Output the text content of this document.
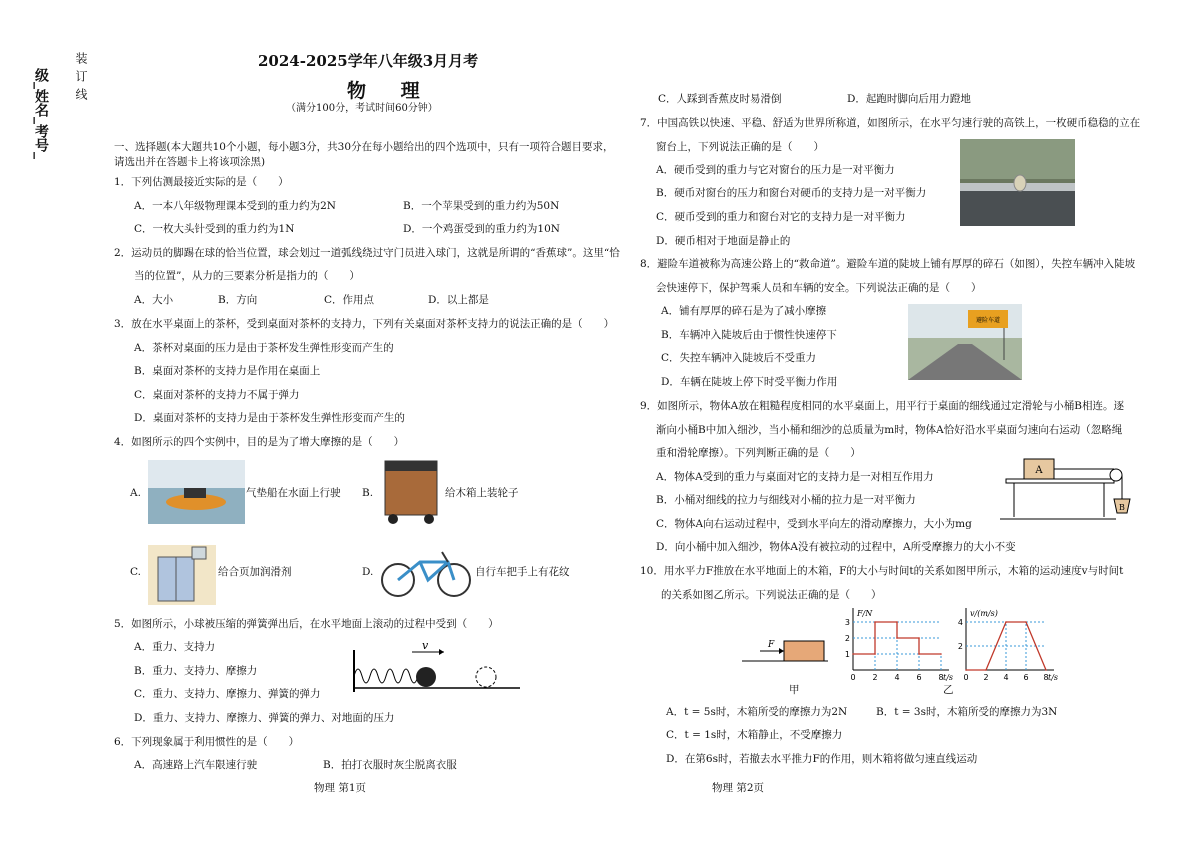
装订线
级_姓名_考号_
2024-2025学年八年级3月月考
物 理
（满分100分，考试时间60分钟）
一、选择题(本大题共10个小题，每小题3分，共30分在每小题给出的四个选项中，只有一项符合题目要求，
请选出并在答题卡上将该项涂黑)
1．下列估测最接近实际的是（　　）
A．一本八年级物理课本受到的重力约为2N	B．一个苹果受到的重力约为50N
C．一枚大头针受到的重力约为1N	D．一个鸡蛋受到的重力约为10N
2．运动员的脚踢在球的恰当位置，球会划过一道弧线绕过守门员进入球门，这就是所谓的“香蕉球”。这里“恰
当的位置”，从力的三要素分析是指力的（　　）
A．大小	B．方向	C．作用点	D．以上都是
3．放在水平桌面上的茶杯，受到桌面对茶杯的支持力，下列有关桌面对茶杯支持力的说法正确的是（　　）
A．茶杯对桌面的压力是由于茶杯发生弹性形变而产生的
B．桌面对茶杯的支持力是作用在桌面上
C．桌面对茶杯的支持力不属于弹力
D．桌面对茶杯的支持力是由于茶杯发生弹性形变而产生的
4．如图所示的四个实例中，目的是为了增大摩擦的是（　　）
A.	气垫船在水面上行驶 B.	给木箱上装轮子
C.	给合页加润滑剂	D.	自行车把手上有花纹
5．如图所示，小球被压缩的弹簧弹出后，在水平地面上滚动的过程中受到（　　）
A．重力、支持力
B．重力、支持力、摩擦力
C．重力、支持力、摩擦力、弹簧的弹力
D．重力、支持力、摩擦力、弹簧的弹力、对地面的压力
v
6．下列现象属于利用惯性的是（　　）
A．高速路上汽车限速行驶	B．拍打衣服时灰尘脱离衣服
物理 第1页
C．人踩到香蕉皮时易滑倒	D．起跑时脚向后用力蹬地
7．中国高铁以快速、平稳、舒适为世界所称道，如图所示，在水平匀速行驶的高铁上，一枚硬币稳稳的立在
窗台上，下列说法正确的是（　　）
A．硬币受到的重力与它对窗台的压力是一对平衡力
B．硬币对窗台的压力和窗台对硬币的支持力是一对平衡力
C．硬币受到的重力和窗台对它的支持力是一对平衡力
D．硬币相对于地面是静止的
8．避险车道被称为高速公路上的“救命道”。避险车道的陡坡上铺有厚厚的碎石（如图），失控车辆冲入陡坡
会快速停下，保护驾乘人员和车辆的安全。下列说法正确的是（　　）
A．铺有厚厚的碎石是为了减小摩擦
B．车辆冲入陡坡后由于惯性快速停下
C．失控车辆冲入陡坡后不受重力
D．车辆在陡坡上停下时受平衡力作用
避险车道
9．如图所示，物体A放在粗糙程度相同的水平桌面上，用平行于桌面的细线通过定滑轮与小桶B相连。逐
渐向小桶B中加入细沙，当小桶和细沙的总质量为m时，物体A恰好沿水平桌面匀速向右运动（忽略绳
重和滑轮摩擦）。下列判断正确的是（　　）
A．物体A受到的重力与桌面对它的支持力是一对相互作用力
B．小桶对细线的拉力与细线对小桶的拉力是一对平衡力
C．物体A向右运动过程中，受到水平向左的滑动摩擦力，大小为mg
D．向小桶中加入细沙，物体A没有被拉动的过程中，A所受摩擦力的大小不变
A
B
10．用水平力F推放在水平地面上的木箱，F的大小与时间t的关系如图甲所示，木箱的运动速度v与时间t
的关系如图乙所示。下列说法正确的是（　　）
F
甲
0 2 4 6 8
1
2
3
F/N
t/s
乙
0 2 4 6 8
2
4
v/(m/s)
t/s
A．t = 5s时，木箱所受的摩擦力为2N	B．t = 3s时，木箱所受的摩擦力为3N
C．t = 1s时，木箱静止，不受摩擦力
D．在第6s时，若撤去水平推力F的作用，则木箱将做匀速直线运动
物理 第2页
